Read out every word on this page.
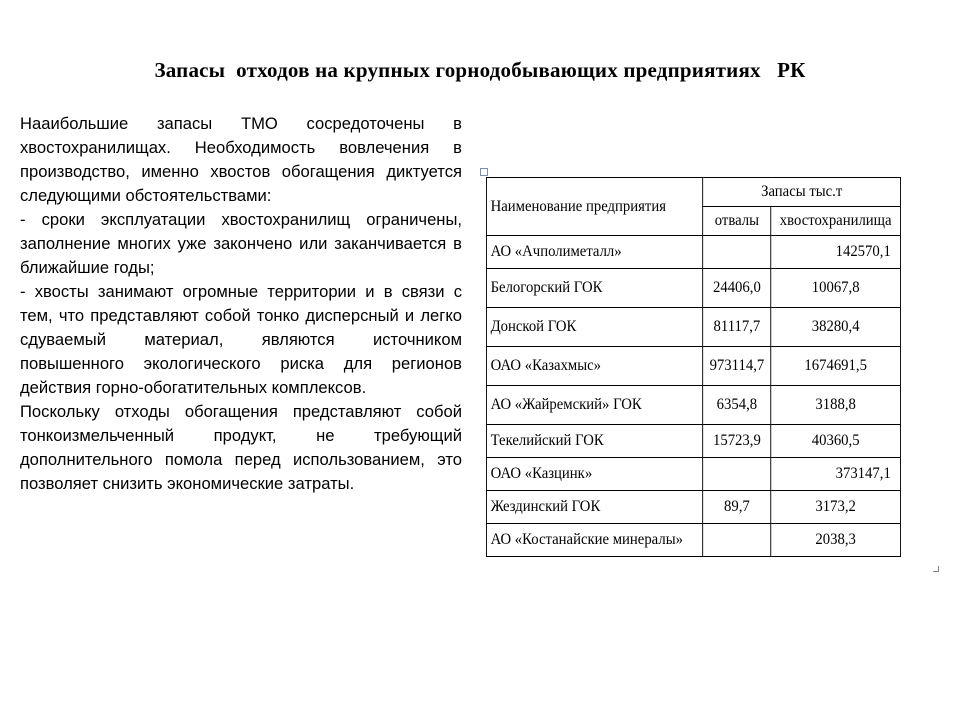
Запасы  отходов на крупных горнодобывающих предприятиях   РК

Нааибольшие запасы ТМО сосредоточены в хвостохранилищах. Необходимость вовлечения в производство, именно хвостов обогащения диктуется следующими обстоятельствами:

- сроки эксплуатации хвостохранилищ ограничены, заполнение многих уже закончено или заканчивается в ближайшие годы;

- хвосты занимают огромные территории и в связи с тем, что представляют собой тонко дисперсный и легко сдуваемый материал, являются источником повышенного экологического риска для регионов действия горно-обогатительных комплексов.

Поскольку отходы обогащения представляют собой тонкоизмельченный продукт, не требующий дополнительного помола перед использованием, это позволяет снизить экономические затраты.

Наименование предприятия	Запасы тыс.т	
	отвалы	хвостохранилища
АО «Ачполиметалл»		142570,1
Белогорский ГОК	24406,0	10067,8
Донской ГОК	81117,7	38280,4
ОАО «Казахмыс»	973114,7	1674691,5
АО «Жайремский» ГОК	6354,8	3188,8
Текелийский ГОК	15723,9	40360,5
ОАО «Казцинк»		373147,1
Жездинский ГОК	89,7	3173,2
АО «Костанайские минералы»		2038,3
